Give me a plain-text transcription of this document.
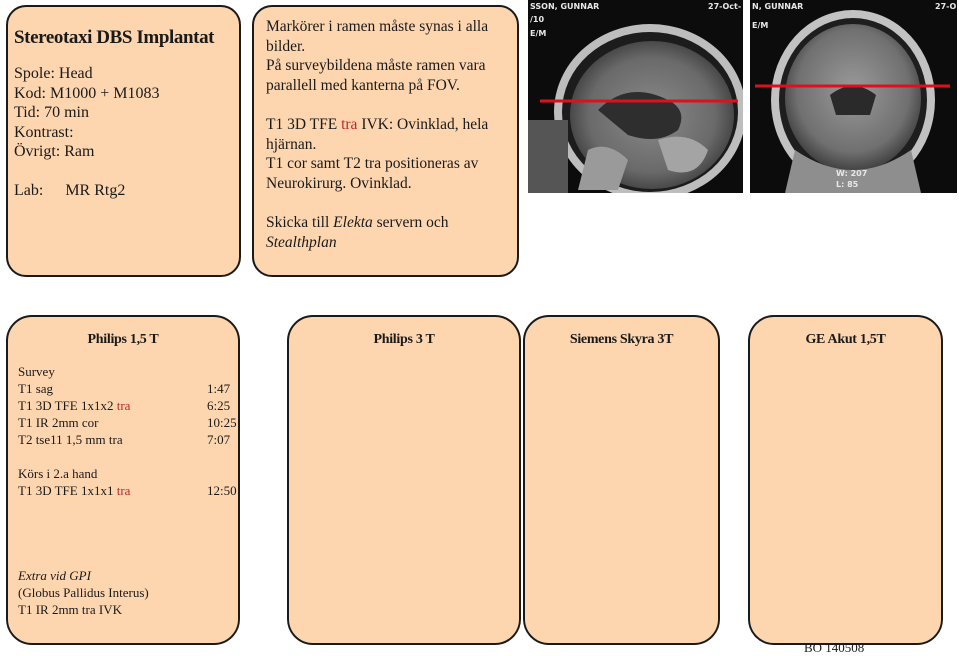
Stereotaxi DBS Implantat
Spole: Head
Kod: M1000 + M1083
Tid: 70 min
Kontrast:
Övrigt: Ram
Lab: MR Rtg2

Markörer i ramen måste synas i alla bilder.

På surveybildena måste ramen vara parallell med kanterna på FOV.

T1 3D TFE tra IVK: Ovinklad, hela hjärnan.

T1 cor samt T2 tra positioneras av Neurokirurg. Ovinklad.

Skicka till Elekta servern och
Stealthplan

SSON, GUNNAR	27-Oct-
/10
E/M
N, GUNNAR	27-O
E/M
W: 207
L: 85
Philips 1,5 T
Survey
T1 sag	1:47
T1 3D TFE 1x1x2 tra	6:25
T1 IR 2mm cor	10:25
T2 tse11 1,5 mm tra	7:07
Körs i 2.a hand
T1 3D TFE 1x1x1 tra	12:50
Extra vid GPI
(Globus Pallidus Interus)
T1 IR 2mm tra IVK
Philips 3 T	Siemens Skyra 3T	GE Akut 1,5T
BO 140508
